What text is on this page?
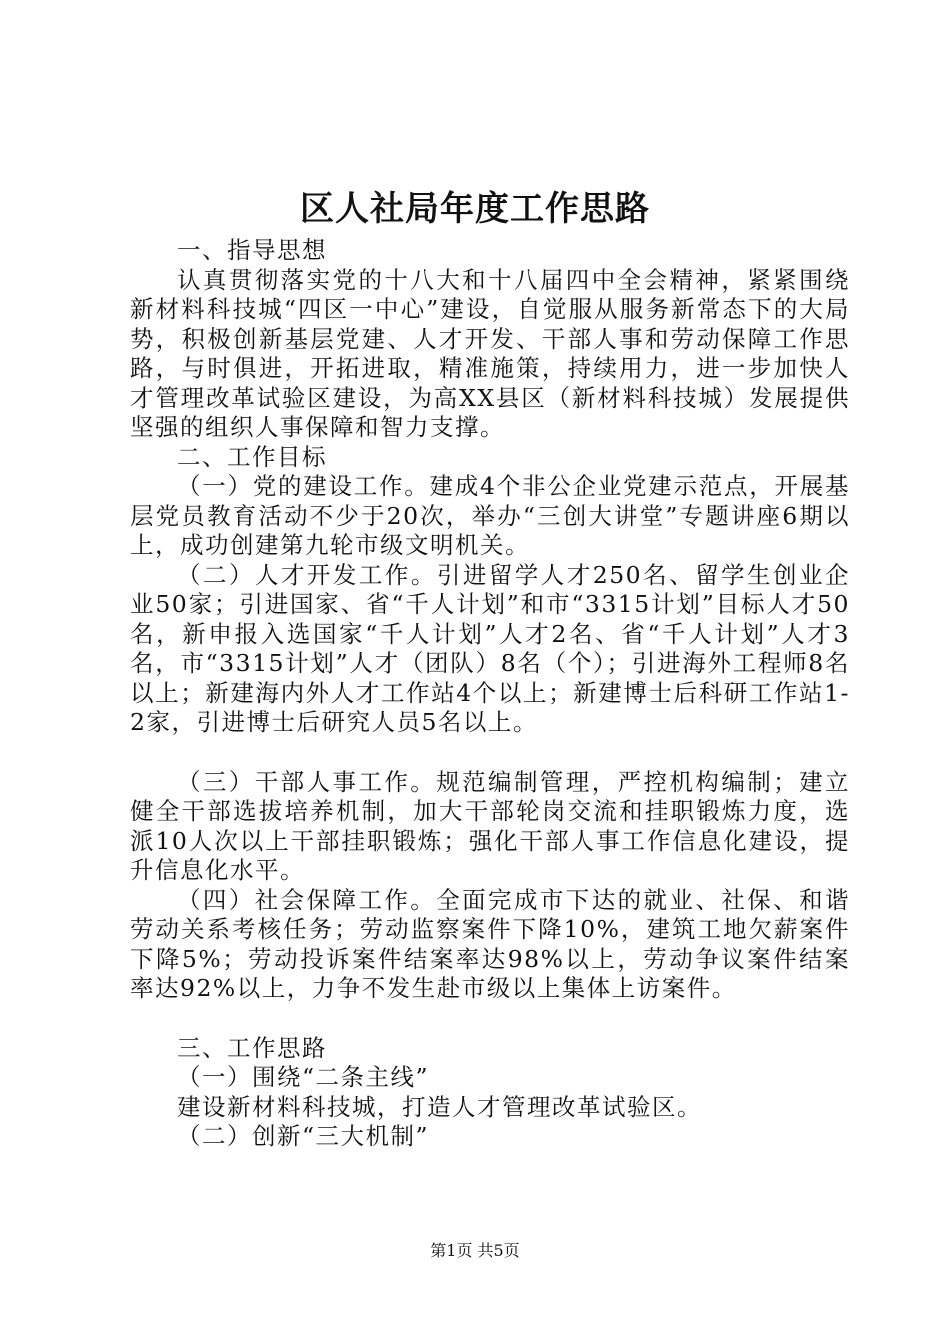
区人社局年度工作思路

一、指导思想

认真贯彻落实党的十八大和十八届四中全会精神，紧紧围绕新材料科技城“四区一中心”建设，自觉服从服务新常态下的大局势，积极创新基层党建、人才开发、干部人事和劳动保障工作思路，与时俱进，开拓进取，精准施策，持续用力，进一步加快人才管理改革试验区建设，为高XX县区（新材料科技城）发展提供坚强的组织人事保障和智力支撑。

二、工作目标

（一）党的建设工作。建成4个非公企业党建示范点，开展基层党员教育活动不少于20次，举办“三创大讲堂”专题讲座6期以上，成功创建第九轮市级文明机关。

（二）人才开发工作。引进留学人才250名、留学生创业企业50家；引进国家、省“千人计划”和市“3315计划”目标人才50名，新申报入选国家“千人计划”人才2名、省“千人计划”人才3名，市“3315计划”人才（团队）8名（个）；引进海外工程师8名以上；新建海内外人才工作站4个以上；新建博士后科研工作站1-2家，引进博士后研究人员5名以上。

（三）干部人事工作。规范编制管理，严控机构编制；建立健全干部选拔培养机制，加大干部轮岗交流和挂职锻炼力度，选派10人次以上干部挂职锻炼；强化干部人事工作信息化建设，提升信息化水平。

（四）社会保障工作。全面完成市下达的就业、社保、和谐劳动关系考核任务；劳动监察案件下降10%，建筑工地欠薪案件下降5%；劳动投诉案件结案率达98%以上，劳动争议案件结案率达92%以上，力争不发生赴市级以上集体上访案件。

三、工作思路

（一）围绕“二条主线”

建设新材料科技城，打造人才管理改革试验区。

（二）创新“三大机制”

第1页 共5页
